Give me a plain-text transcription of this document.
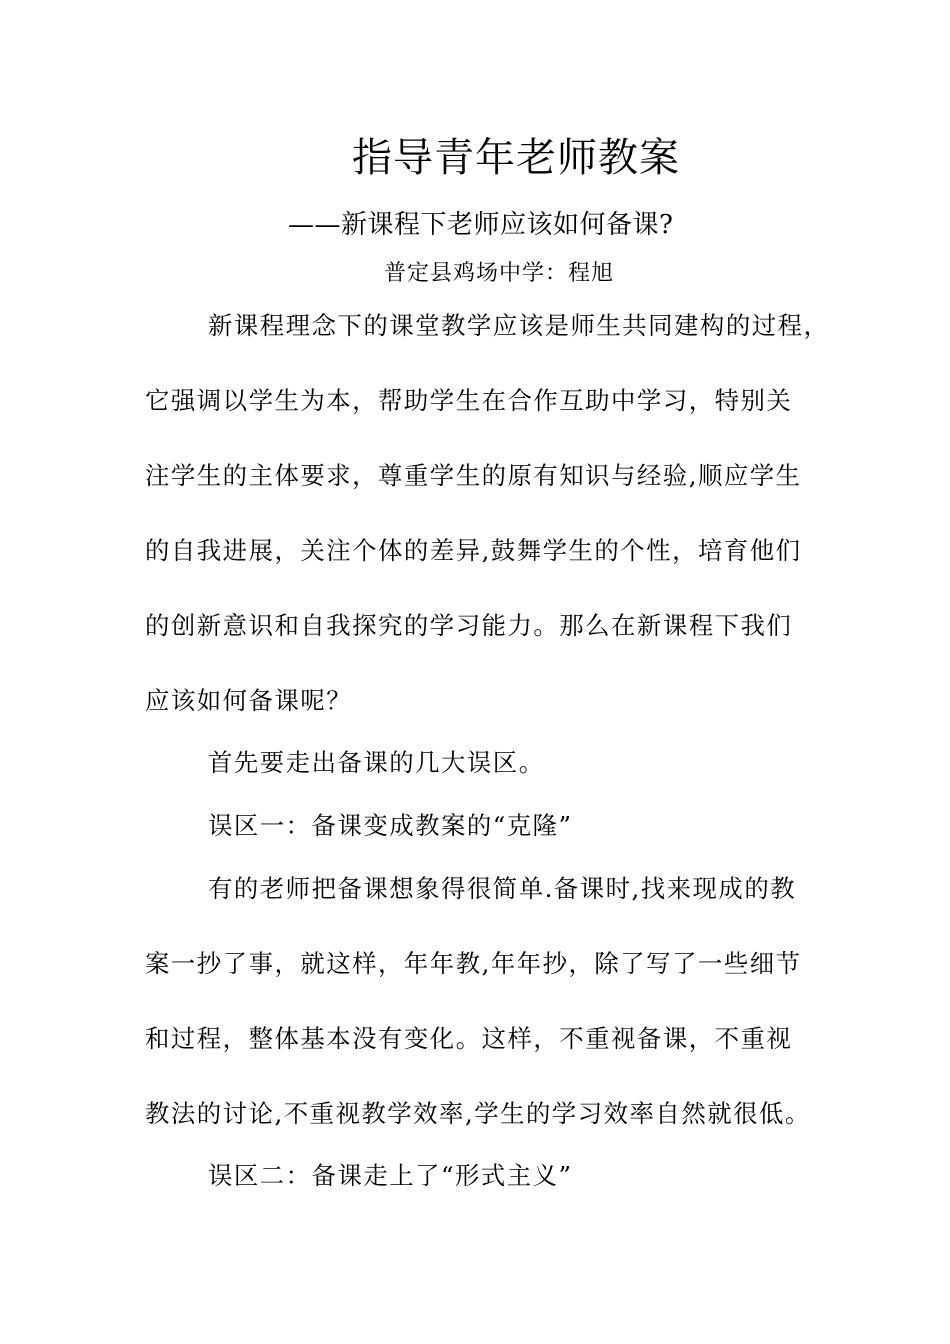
指导青年老师教案
——新课程下老师应该如何备课?
普定县鸡场中学：程旭
新课程理念下的课堂教学应该是师生共同建构的过程，
它强调以学生为本，帮助学生在合作互助中学习，特别关
注学生的主体要求，尊重学生的原有知识与经验,顺应学生
的自我进展，关注个体的差异,鼓舞学生的个性，培育他们
的创新意识和自我探究的学习能力。那么在新课程下我们
应该如何备课呢？
首先要走出备课的几大误区。
误区一：备课变成教案的“克隆”
有的老师把备课想象得很简单.备课时,找来现成的教
案一抄了事，就这样，年年教,年年抄，除了写了一些细节
和过程，整体基本没有变化。这样，不重视备课，不重视
教法的讨论,不重视教学效率,学生的学习效率自然就很低。
误区二：备课走上了“形式主义”
